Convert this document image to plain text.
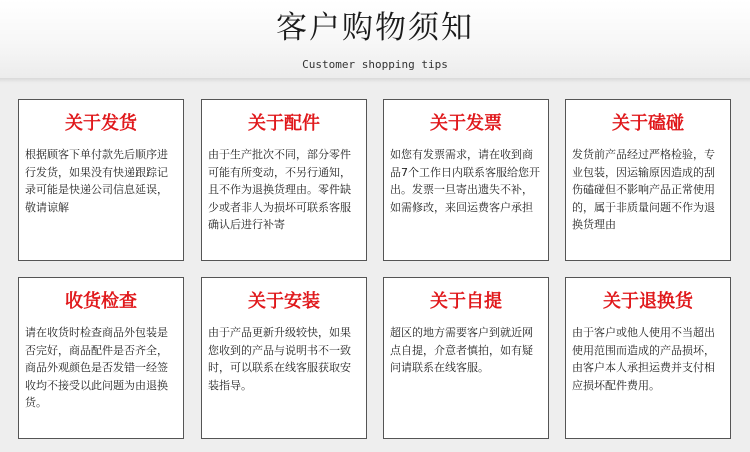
客户购物须知
Customer shopping tips
关于发货
根据顾客下单付款先后顺序进行发货，如果没有快递跟踪记录可能是快递公司信息延误，敬请谅解
关于配件
由于生产批次不同，部分零件可能有所变动，不另行通知，且不作为退换货理由。零件缺少或者非人为损坏可联系客服确认后进行补寄
关于发票
如您有发票需求，请在收到商品7个工作日内联系客服给您开出。发票一旦寄出遗失不补，如需修改，来回运费客户承担
关于磕碰
发货前产品经过严格检验，专业包装，因运输原因造成的刮伤磕碰但不影响产品正常使用的，属于非质量问题不作为退换货理由
收货检查
请在收货时检查商品外包装是否完好，商品配件是否齐全，商品外观颜色是否发错一经签收均不接受以此问题为由退换货。
关于安装
由于产品更新升级较快，如果您收到的产品与说明书不一致时，可以联系在线客服获取安装指导。
关于自提
超区的地方需要客户到就近网点自提，介意者慎拍，如有疑问请联系在线客服。
关于退换货
由于客户或他人使用不当超出使用范围而造成的产品损坏，由客户本人承担运费并支付相应损坏配件费用。
